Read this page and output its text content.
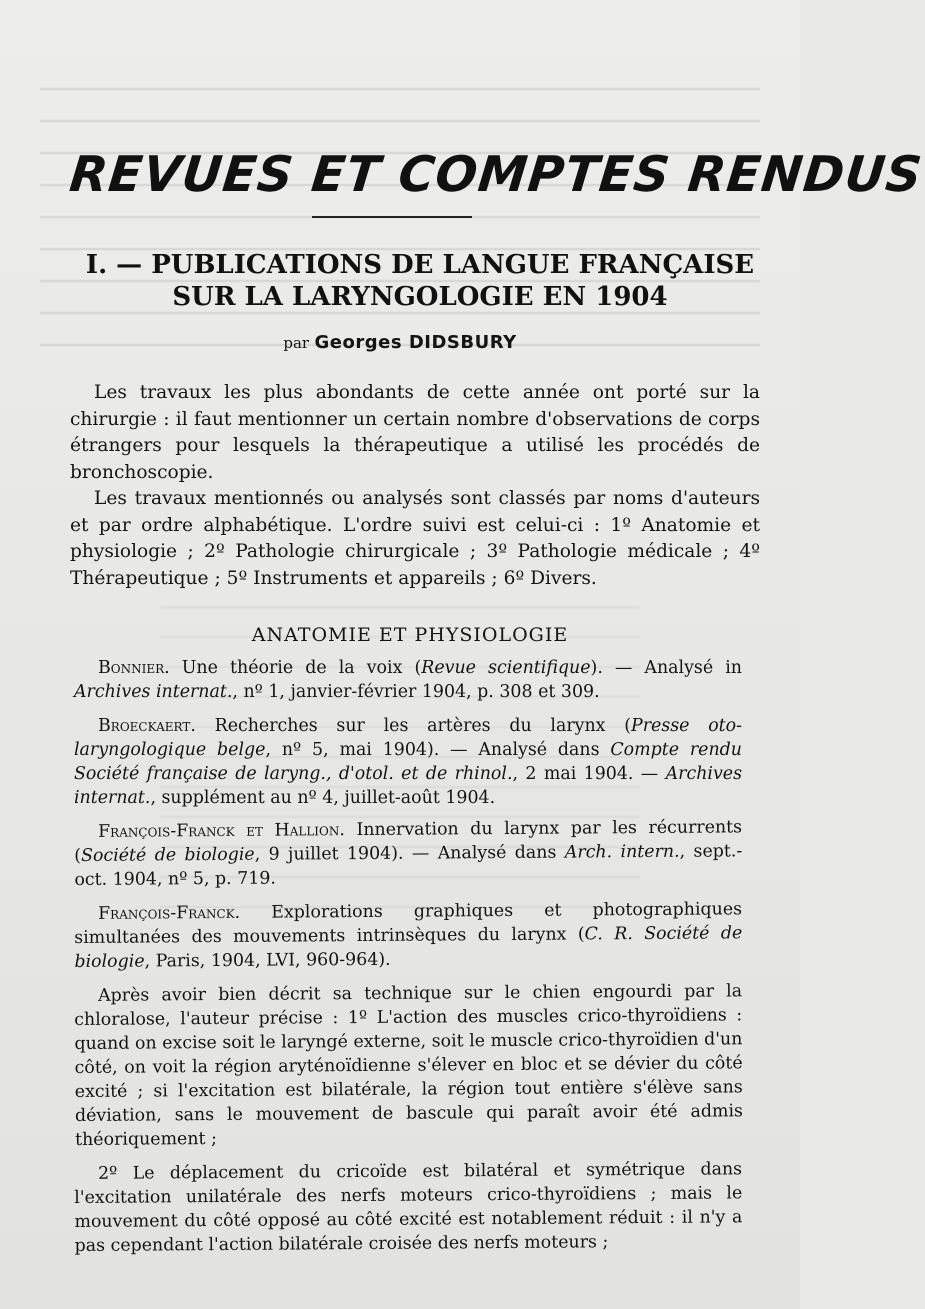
REVUES ET COMPTES RENDUS
I. — PUBLICATIONS DE LANGUE FRANÇAISE
SUR LA LARYNGOLOGIE EN 1904
par Georges DIDSBURY

Les travaux les plus abondants de cette année ont porté sur la chirurgie : il faut mentionner un certain nombre d'observations de corps étrangers pour lesquels la thérapeutique a utilisé les procédés de bronchoscopie.

Les travaux mentionnés ou analysés sont classés par noms d'auteurs et par ordre alphabétique. L'ordre suivi est celui-ci : 1º Anatomie et physiologie ; 2º Pathologie chirurgicale ; 3º Pathologie médicale ; 4º Thérapeutique ; 5º Instruments et appareils ; 6º Divers.

ANATOMIE ET PHYSIOLOGIE

Bonnier. Une théorie de la voix (Revue scientifique). — Analysé in Archives internat., nº 1, janvier-février 1904, p. 308 et 309.

Broeckaert. Recherches sur les artères du larynx (Presse oto-laryngologique belge, nº 5, mai 1904). — Analysé dans Compte rendu Société française de laryng., d'otol. et de rhinol., 2 mai 1904. — Archives internat., supplément au nº 4, juillet-août 1904.

François-Franck et Hallion. Innervation du larynx par les récurrents (Société de biologie, 9 juillet 1904). — Analysé dans Arch. intern., sept.-oct. 1904, nº 5, p. 719.

François-Franck. Explorations graphiques et photographiques simultanées des mouvements intrinsèques du larynx (C. R. Société de biologie, Paris, 1904, LVI, 960-964).

Après avoir bien décrit sa technique sur le chien engourdi par la chloralose, l'auteur précise : 1º L'action des muscles crico-thyroïdiens : quand on excise soit le laryngé externe, soit le muscle crico-thyroïdien d'un côté, on voit la région aryténoïdienne s'élever en bloc et se dévier du côté excité ; si l'excitation est bilatérale, la région tout entière s'élève sans déviation, sans le mouvement de bascule qui paraît avoir été admis théoriquement ;

2º Le déplacement du cricoïde est bilatéral et symétrique dans l'excitation unilatérale des nerfs moteurs crico-thyroïdiens ; mais le mouvement du côté opposé au côté excité est notablement réduit : il n'y a pas cependant l'action bilatérale croisée des nerfs moteurs ;
